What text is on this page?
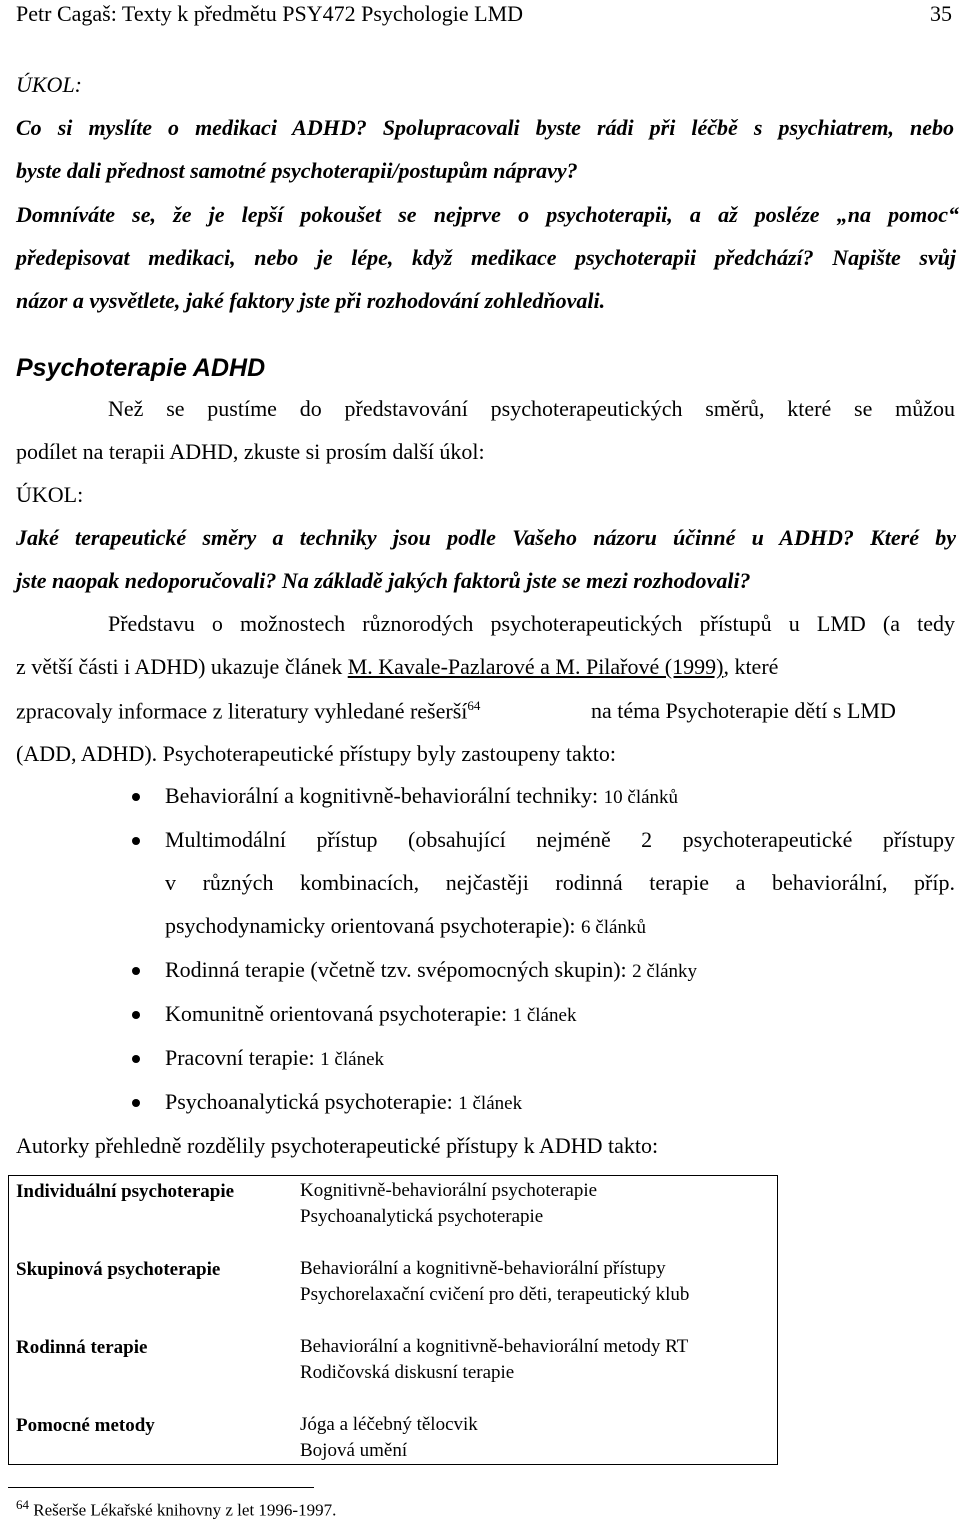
Petr Cagaš: Texty k předmětu PSY472 Psychologie LMD	35
ÚKOL:
Co si myslíte o medikaci ADHD? Spolupracovali byste rádi při léčbě s psychiatrem, nebo
byste dali přednost samotné psychoterapii/postupům nápravy?
Domníváte se, že je lepší pokoušet se nejprve o psychoterapii, a až posléze „na pomoc“
předepisovat medikaci, nebo je lépe, když medikace psychoterapii předchází? Napište svůj
názor a vysvětlete, jaké faktory jste při rozhodování zohledňovali.
Psychoterapie ADHD
Než se pustíme do představování psychoterapeutických směrů, které se můžou
podílet na terapii ADHD, zkuste si prosím další úkol:
ÚKOL:
Jaké terapeutické směry a techniky jsou podle Vašeho názoru účinné u ADHD? Které by
jste naopak nedoporučovali? Na základě jakých faktorů jste se mezi rozhodovali?
Představu o možnostech různorodých psychoterapeutických přístupů u LMD (a tedy
z větší části i ADHD) ukazuje článek M. Kavale-Pazlarové a M. Pilařové (1999), které
zpracovaly informace z literatury vyhledané rešerší$^{64}$	na téma Psychoterapie dětí s LMD
(ADD, ADHD). Psychoterapeutické přístupy byly zastoupeny takto:
Behaviorální a kognitivně-behaviorální techniky: 10 článků
Multimodální přístup (obsahující nejméně 2 psychoterapeutické přístupy
v různých kombinacích, nejčastěji rodinná terapie a behaviorální, příp.
psychodynamicky orientovaná psychoterapie): 6 článků
Rodinná terapie (včetně tzv. svépomocných skupin): 2 články
Komunitně orientovaná psychoterapie: 1 článek
Pracovní terapie: 1 článek
Psychoanalytická psychoterapie: 1 článek
Autorky přehledně rozdělily psychoterapeutické přístupy k ADHD takto:
Individuální psychoterapie	Kognitivně-behaviorální psychoterapie
Psychoanalytická psychoterapie
Skupinová psychoterapie	Behaviorální a kognitivně-behaviorální přístupy
Psychorelaxační cvičení pro děti, terapeutický klub
Rodinná terapie	Behaviorální a kognitivně-behaviorální metody RT
Rodičovská diskusní terapie
Pomocné metody	Jóga a léčebný tělocvik
Bojová umění
$^{64}$ Rešerše Lékařské knihovny z let 1996-1997.
